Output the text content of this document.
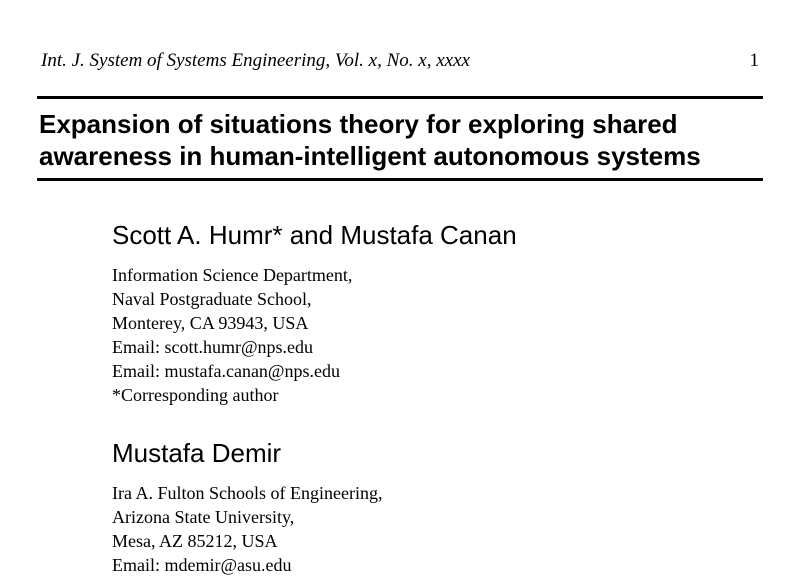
Int. J. System of Systems Engineering, Vol. x, No. x, xxxx	1
Expansion of situations theory for exploring shared
awareness in human-intelligent autonomous systems
Scott A. Humr* and Mustafa Canan
Information Science Department,
Naval Postgraduate School,
Monterey, CA 93943, USA
Email: scott.humr@nps.edu
Email: mustafa.canan@nps.edu
*Corresponding author
Mustafa Demir
Ira A. Fulton Schools of Engineering,
Arizona State University,
Mesa, AZ 85212, USA
Email: mdemir@asu.edu
